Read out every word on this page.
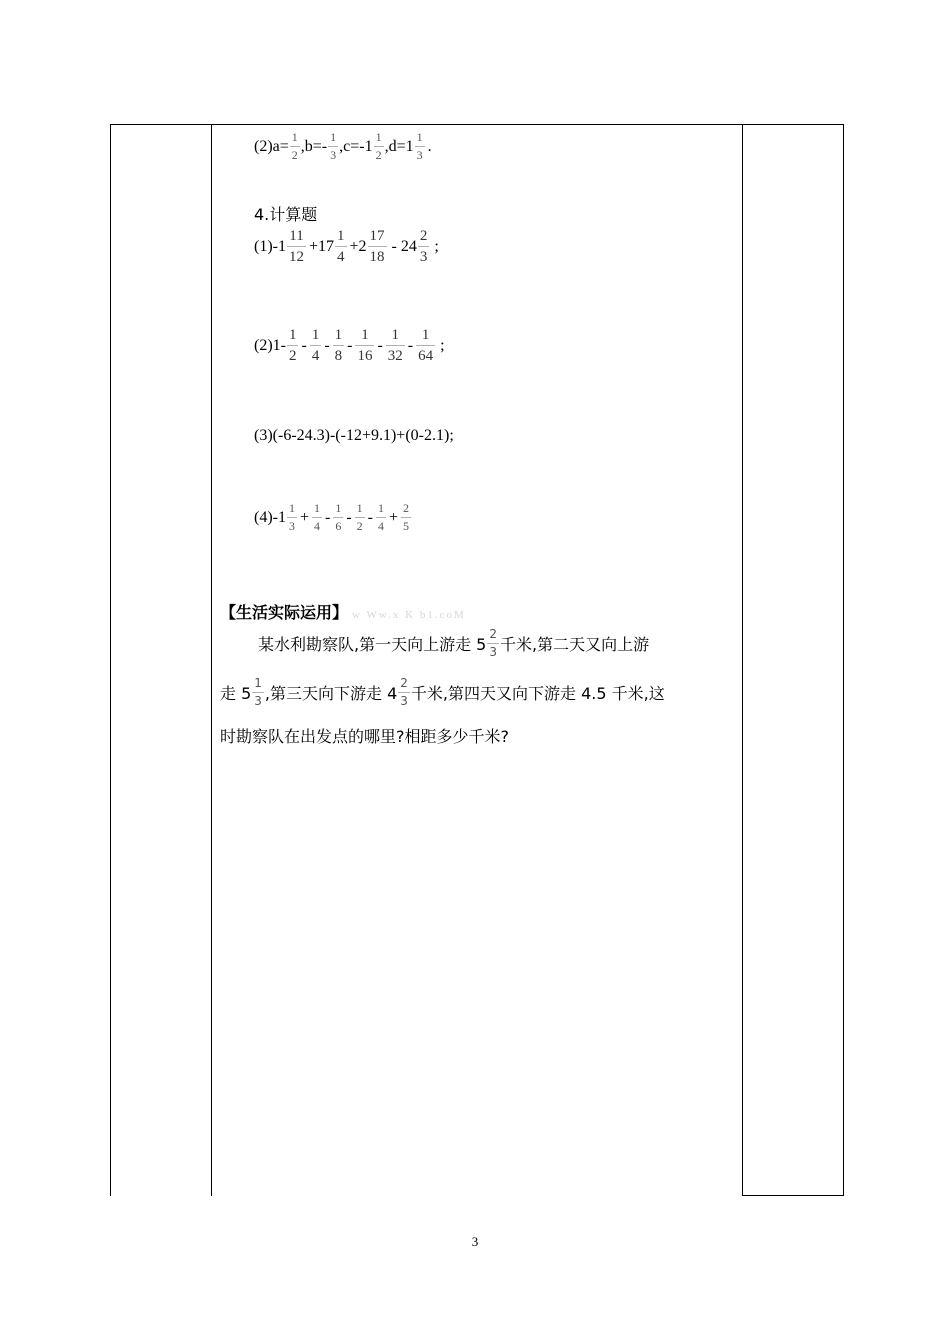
$(2)a= \frac{1}{2} ,b=- \frac{1}{3} ,c=-1 \frac{1}{2} ,d=1 \frac{1}{3}$ .
4.计算题
$(1)-1 \frac{11}{12} +17 \frac{1}{4} +2 \frac{17}{18} - 24 \frac{2}{3}$ ;
$(2)1- \frac{1}{2} - \frac{1}{4} - \frac{1}{8} - \frac{1}{16} - \frac{1}{32} - \frac{1}{64}$ ;
(3)(-6-24.3)-(-12+9.1)+(0-2.1);
$(4)-1 \frac{1}{3} + \frac{1}{4} - \frac{1}{6} - \frac{1}{2} - \frac{1}{4} + \frac{2}{5}$
【生活实际运用】 w Ww.x K b1.coM
某水利勘察队,第一天向上游走 $5 \frac{2}{3}$ 千米,第二天又向上游
走 $5 \frac{1}{3}$ ,第三天向下游走 $4 \frac{2}{3}$ 千米,第四天又向下游走 4.5 千米,这
时勘察队在出发点的哪里?相距多少千米?
3
